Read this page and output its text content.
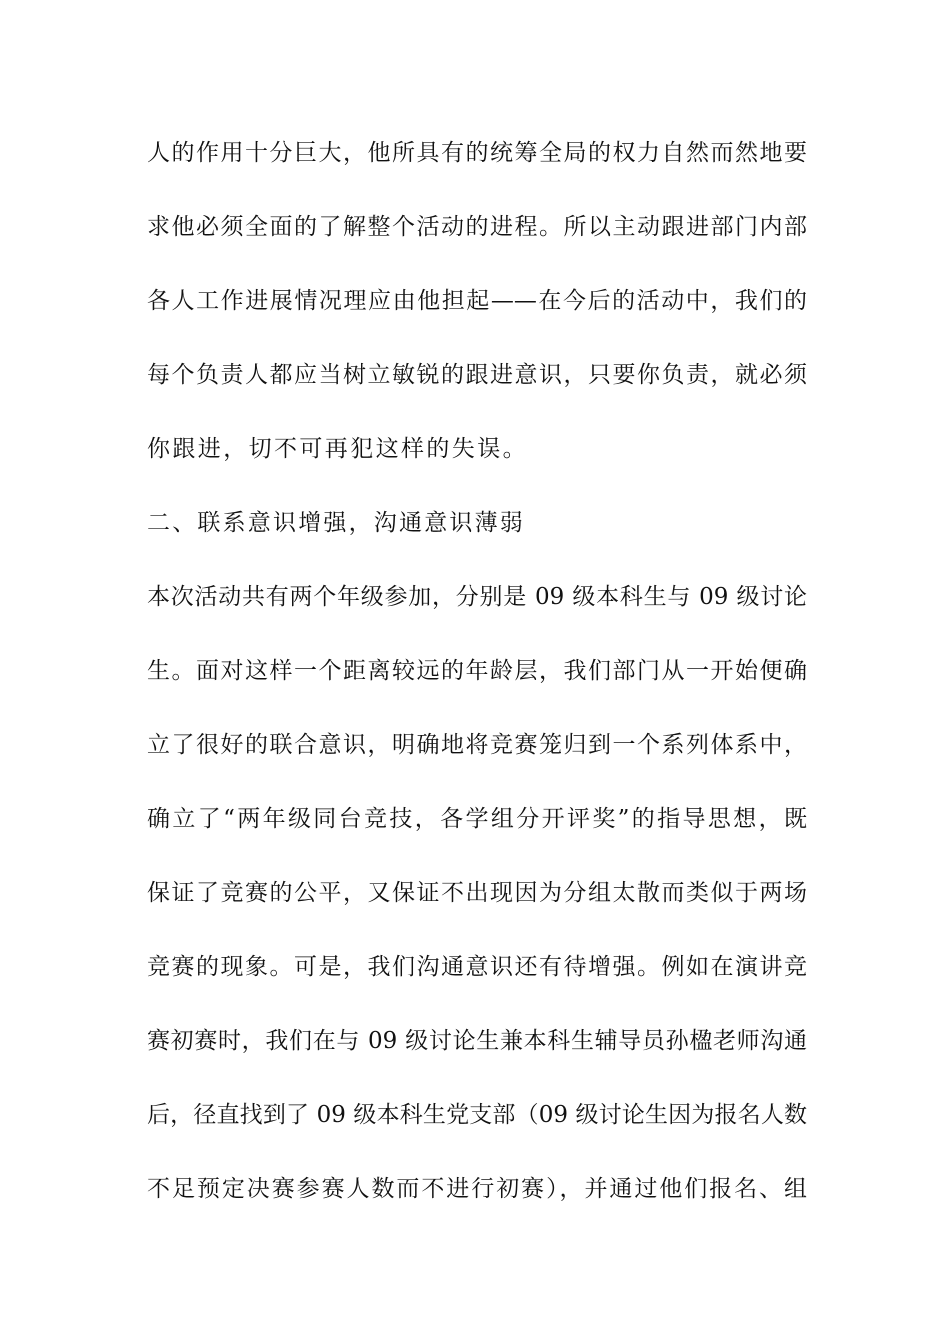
人的作用十分巨大，他所具有的统筹全局的权力自然而然地要

求他必须全面的了解整个活动的进程。所以主动跟进部门内部

各人工作进展情况理应由他担起——在今后的活动中，我们的

每个负责人都应当树立敏锐的跟进意识，只要你负责，就必须

你跟进，切不可再犯这样的失误。

二、联系意识增强，沟通意识薄弱

本次活动共有两个年级参加，分别是 09 级本科生与 09 级讨论

生。面对这样一个距离较远的年龄层，我们部门从一开始便确

立了很好的联合意识，明确地将竞赛笼归到一个系列体系中，

确立了“两年级同台竞技，各学组分开评奖”的指导思想，既

保证了竞赛的公平，又保证不出现因为分组太散而类似于两场

竞赛的现象。可是，我们沟通意识还有待增强。例如在演讲竞

赛初赛时，我们在与 09 级讨论生兼本科生辅导员孙楹老师沟通

后，径直找到了 09 级本科生党支部（09 级讨论生因为报名人数

不足预定决赛参赛人数而不进行初赛），并通过他们报名、组
